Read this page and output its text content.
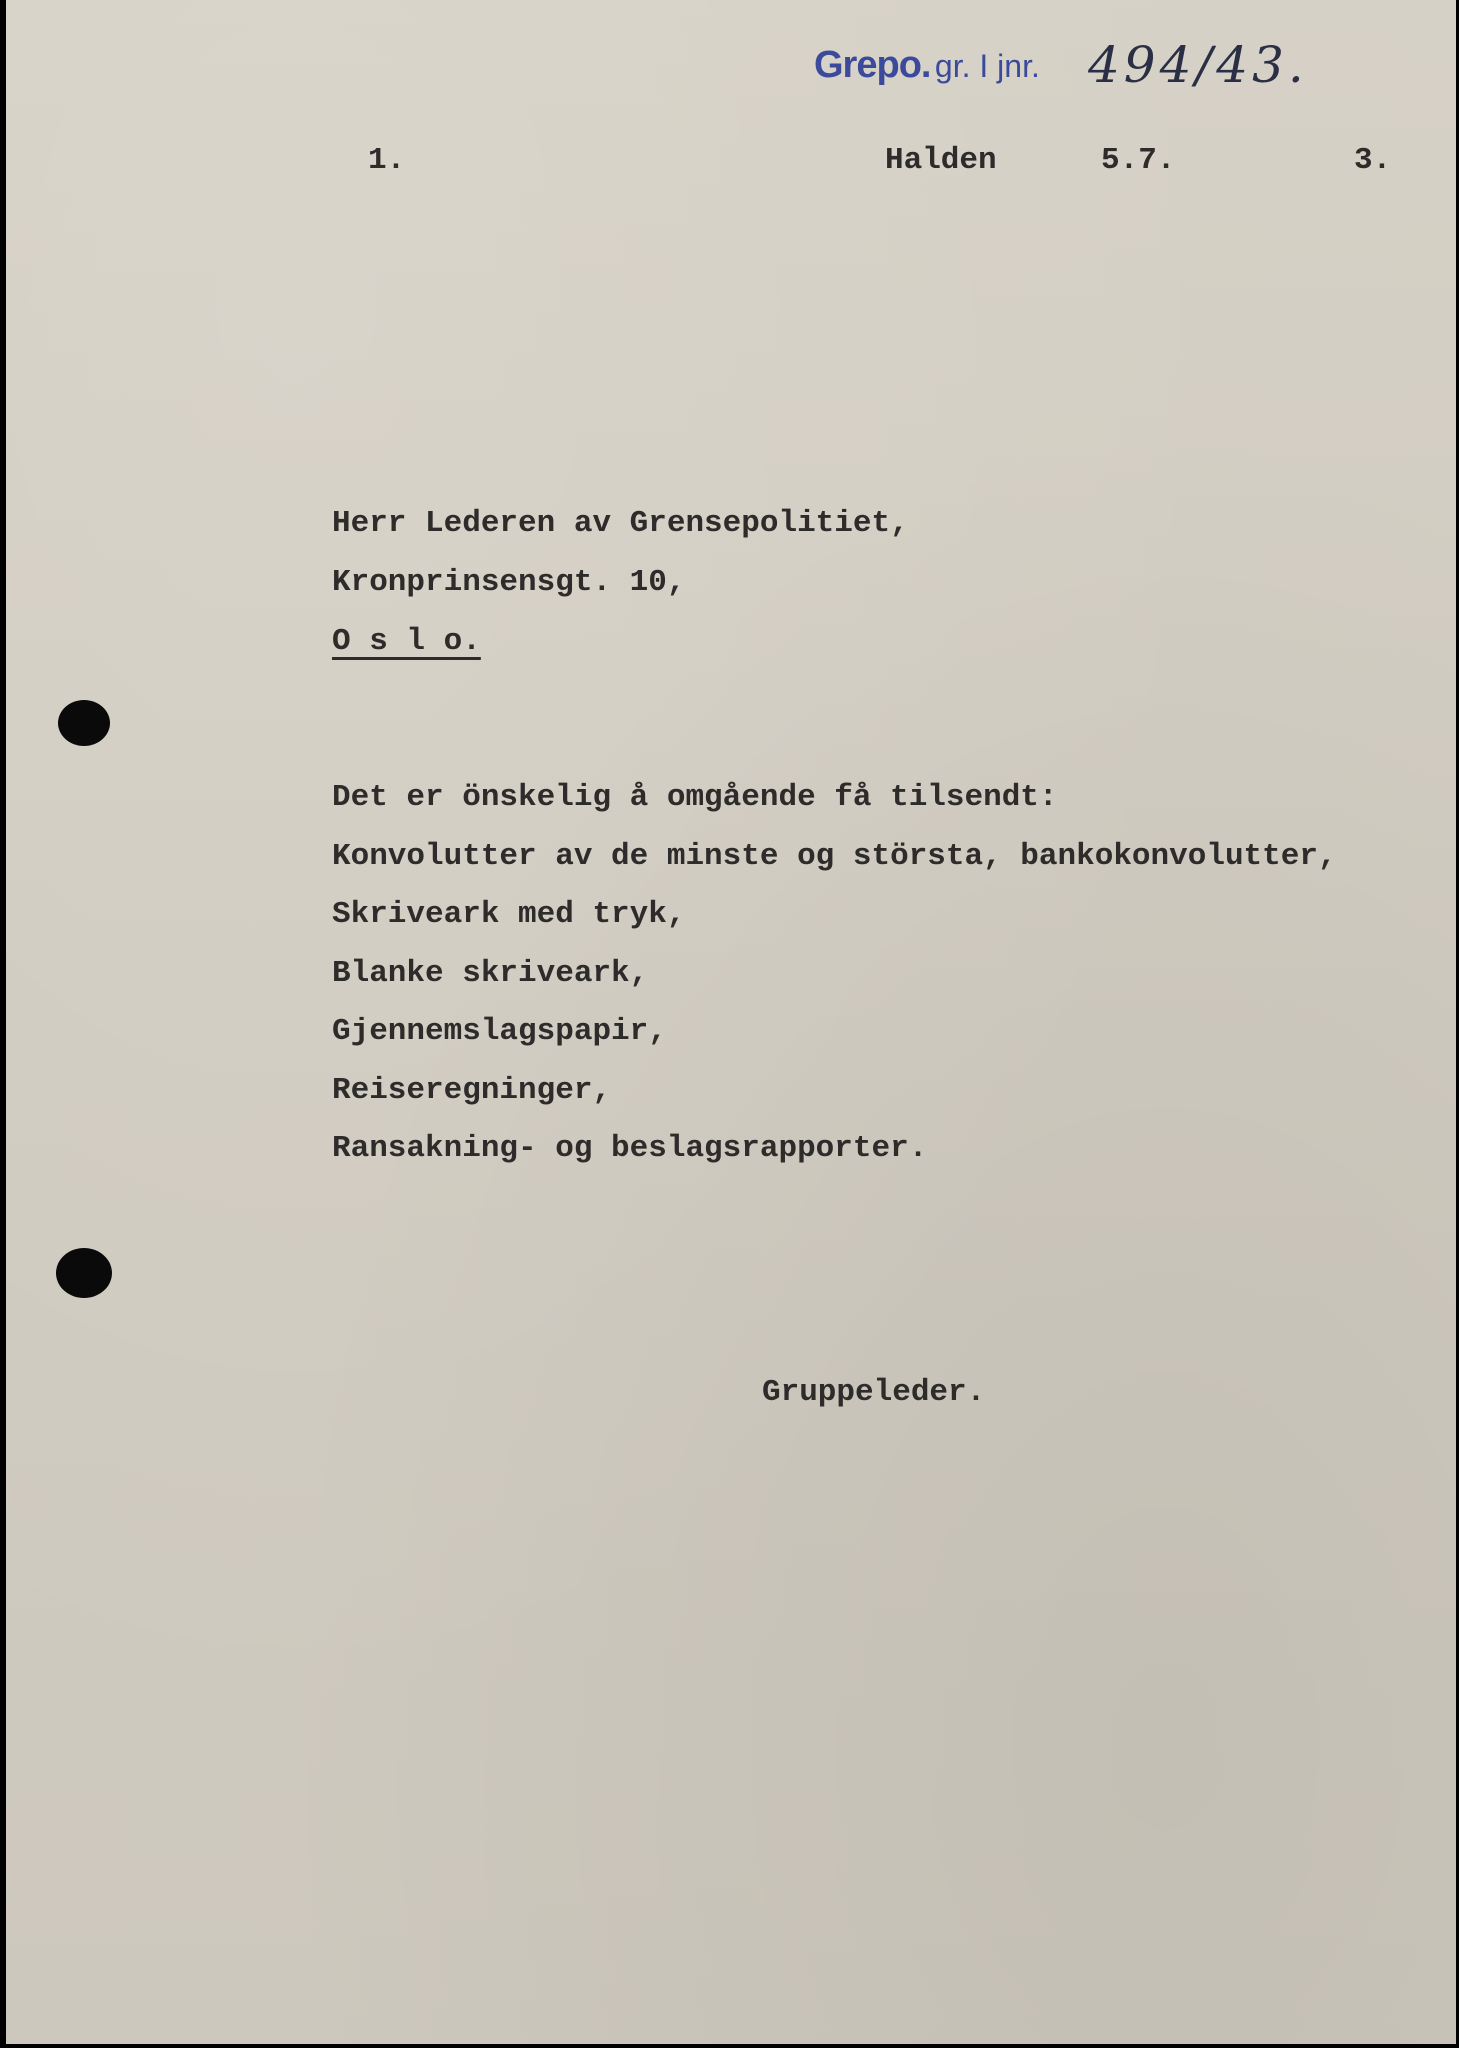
Grepo. gr. I jnr. 494/43.
1.	Halden	5.7.	3.
Herr Lederen av Grensepolitiet,
Kronprinsensgt. 10,
O s l o.
Det er önskelig å omgående få tilsendt:
Konvolutter av de minste og största, bankokonvolutter,
Skriveark med tryk,
Blanke skriveark,
Gjennemslagspapir,
Reiseregninger,
Ransakning- og beslagsrapporter.
Gruppeleder.
